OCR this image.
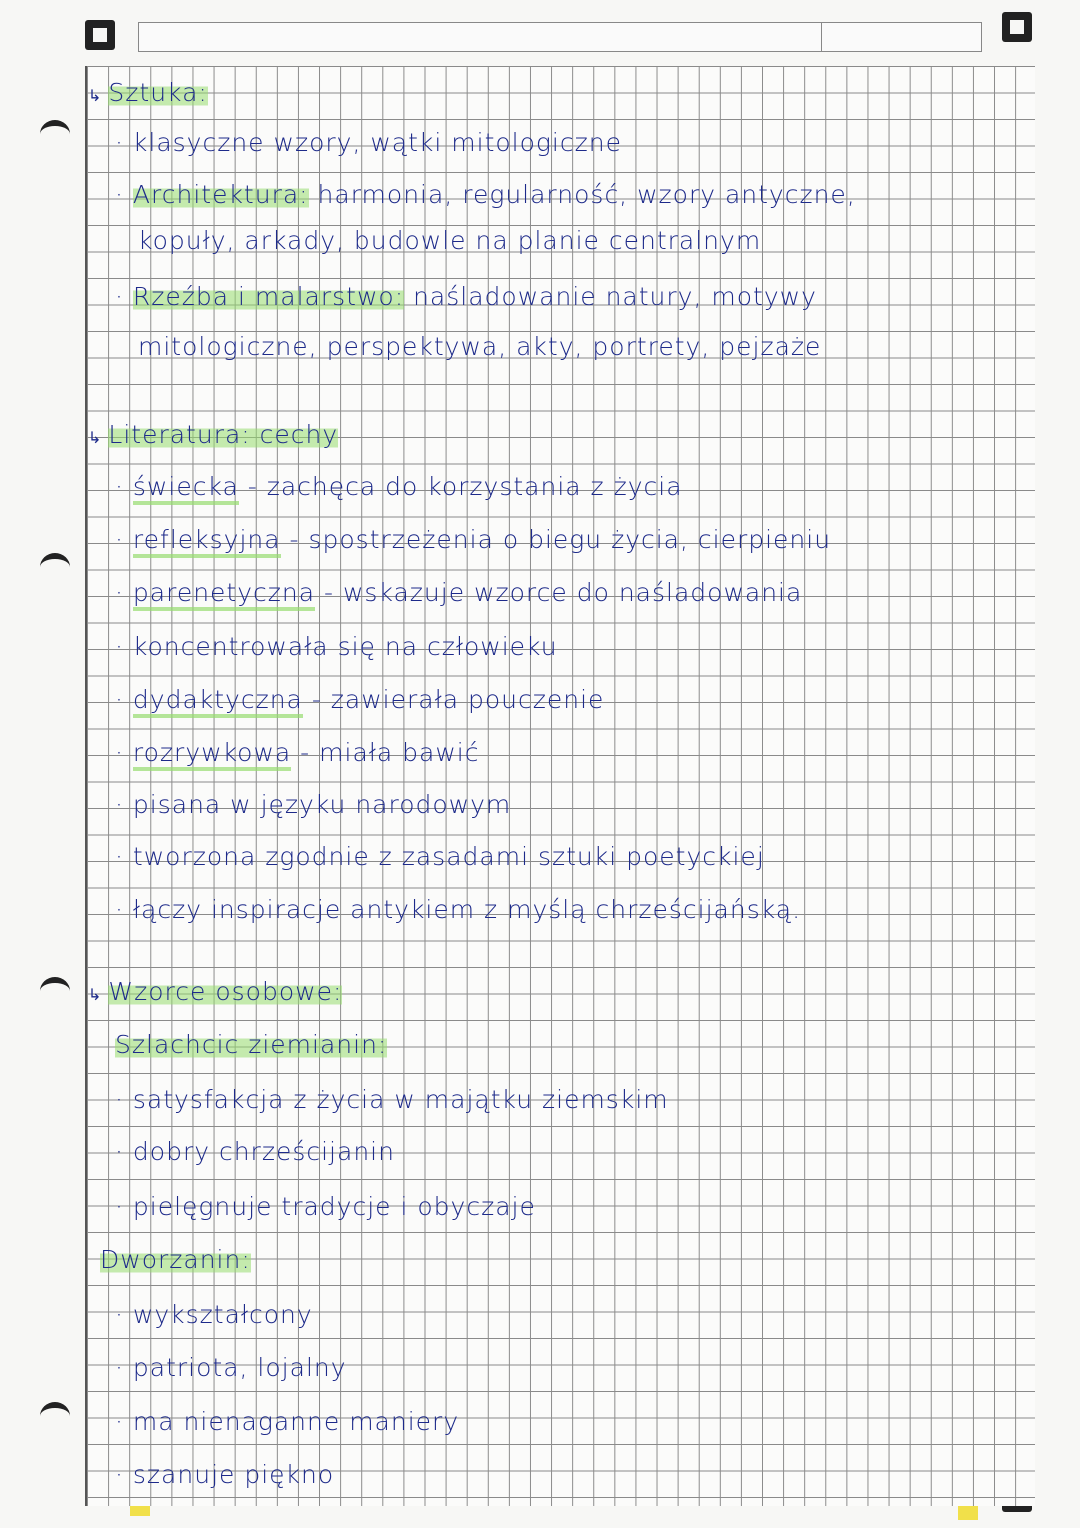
↳ Sztuka:
· klasyczne wzory, wątki mitologiczne
· Architektura: harmonia, regularność, wzory antyczne,
kopuły, arkady, budowle na planie centralnym
· Rzeźba i malarstwo: naśladowanie natury, motywy
mitologiczne, perspektywa, akty, portrety, pejzaże
↳ Literatura: cechy
· świecka - zachęca do korzystania z życia
· refleksyjna - spostrzeżenia o biegu życia, cierpieniu
· parenetyczna - wskazuje wzorce do naśladowania
· koncentrowała się na człowieku
· dydaktyczna - zawierała pouczenie
· rozrywkowa - miała bawić
· pisana w języku narodowym
· tworzona zgodnie z zasadami sztuki poetyckiej
· łączy inspiracje antykiem z myślą chrześcijańską.
↳ Wzorce osobowe:
Szlachcic ziemianin:
· satysfakcja z życia w majątku ziemskim
· dobry chrześcijanin
· pielęgnuje tradycje i obyczaje
Dworzanin:
· wykształcony
· patriota, lojalny
· ma nienaganne maniery
· szanuje piękno
